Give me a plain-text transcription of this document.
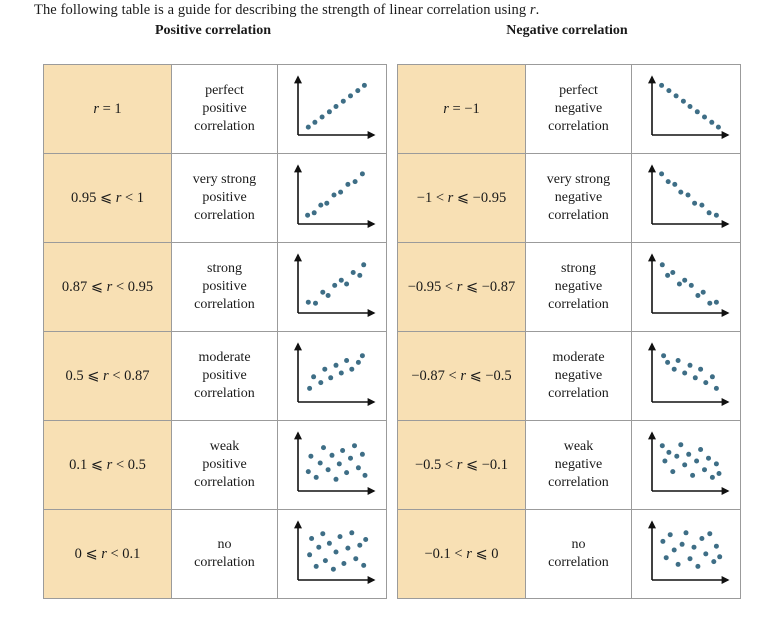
The following table is a guide for describing the strength of linear correlation using r.
Positive correlation	Negative correlation
r = 1	perfect
positive
correlation

0.95 ⩽ r < 1	very strong
positive
correlation

0.87 ⩽ r < 0.95	strong
positive
correlation

0.5 ⩽ r < 0.87	moderate
positive
correlation

0.1 ⩽ r < 0.5	weak
positive
correlation

0 ⩽ r < 0.1	no
correlation

r = −1	perfect
negative
correlation

−1 < r ⩽ −0.95	very strong
negative
correlation

−0.95 < r ⩽ −0.87	strong
negative
correlation

−0.87 < r ⩽ −0.5	moderate
negative
correlation

−0.5 < r ⩽ −0.1	weak
negative
correlation

−0.1 < r ⩽ 0	no
correlation
